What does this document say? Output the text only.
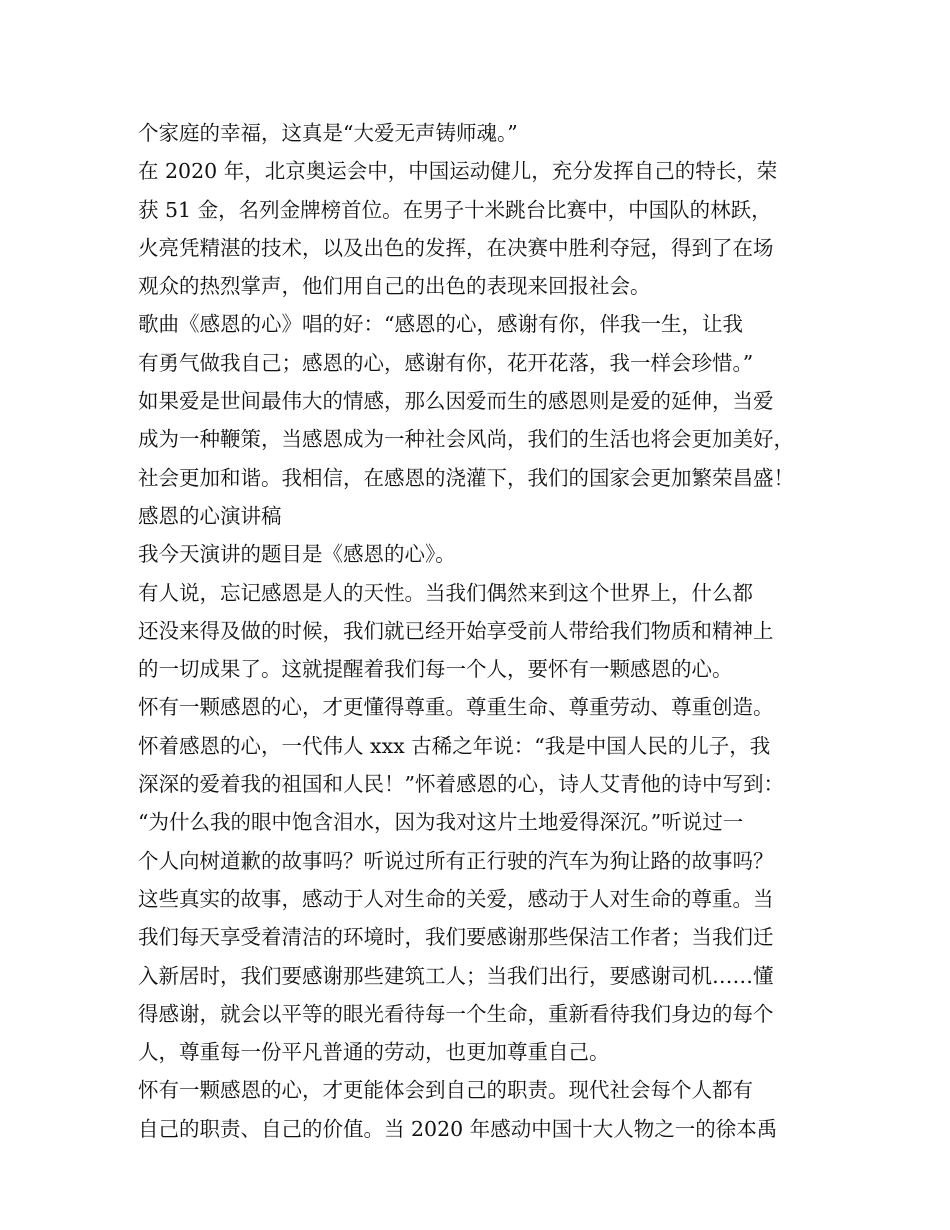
个家庭的幸福，这真是“大爱无声铸师魂。”
在 2020 年，北京奥运会中，中国运动健儿，充分发挥自己的特长，荣
获 51 金，名列金牌榜首位。在男子十米跳台比赛中，中国队的林跃，
火亮凭精湛的技术，以及出色的发挥，在决赛中胜利夺冠，得到了在场
观众的热烈掌声，他们用自己的出色的表现来回报社会。
歌曲《感恩的心》唱的好：“感恩的心，感谢有你，伴我一生，让我
有勇气做我自己；感恩的心，感谢有你，花开花落，我一样会珍惜。”
如果爱是世间最伟大的情感，那么因爱而生的感恩则是爱的延伸，当爱
成为一种鞭策，当感恩成为一种社会风尚，我们的生活也将会更加美好，
社会更加和谐。我相信，在感恩的浇灌下，我们的国家会更加繁荣昌盛！
感恩的心演讲稿
我今天演讲的题目是《感恩的心》。
有人说，忘记感恩是人的天性。当我们偶然来到这个世界上，什么都
还没来得及做的时候，我们就已经开始享受前人带给我们物质和精神上
的一切成果了。这就提醒着我们每一个人，要怀有一颗感恩的心。
怀有一颗感恩的心，才更懂得尊重。尊重生命、尊重劳动、尊重创造。
怀着感恩的心，一代伟人 xxx 古稀之年说：“我是中国人民的儿子，我
深深的爱着我的祖国和人民！”怀着感恩的心，诗人艾青他的诗中写到：
“为什么我的眼中饱含泪水，因为我对这片土地爱得深沉。”听说过一
个人向树道歉的故事吗？听说过所有正行驶的汽车为狗让路的故事吗？
这些真实的故事，感动于人对生命的关爱，感动于人对生命的尊重。当
我们每天享受着清洁的环境时，我们要感谢那些保洁工作者；当我们迁
入新居时，我们要感谢那些建筑工人；当我们出行，要感谢司机……懂
得感谢，就会以平等的眼光看待每一个生命，重新看待我们身边的每个
人，尊重每一份平凡普通的劳动，也更加尊重自己。
怀有一颗感恩的心，才更能体会到自己的职责。现代社会每个人都有
自己的职责、自己的价值。当 2020 年感动中国十大人物之一的徐本禹
